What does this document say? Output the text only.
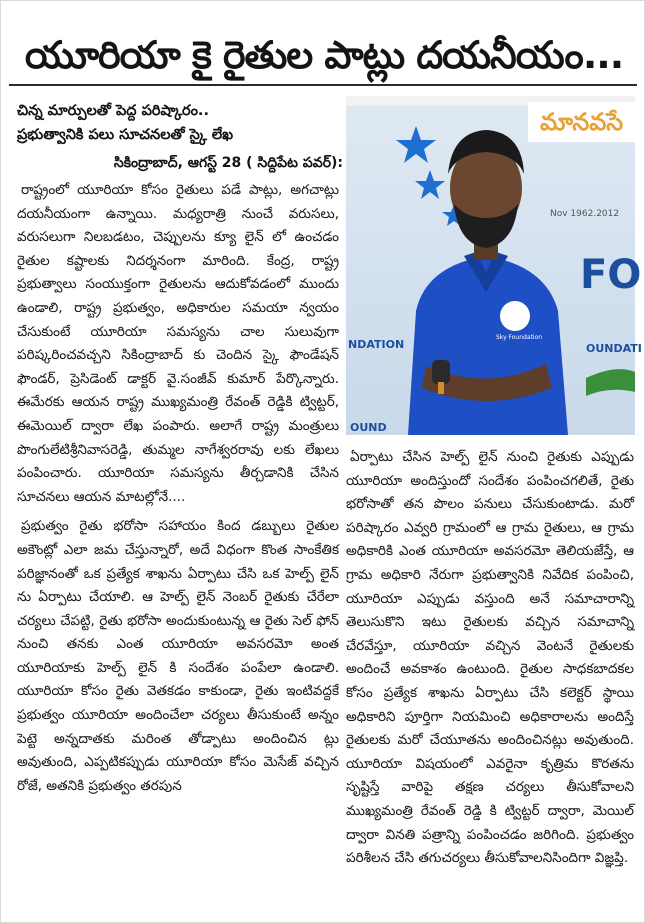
యూరియా కై రైతుల పాట్లు దయనీయం...
చిన్న మార్పులతో పెద్ద పరిష్కారం..
ప్రభుత్వానికి పలు సూచనలతో స్కై లేఖ
సికింద్రాబాద్, ఆగస్ట్ 28 ( సిద్దిపేట పవర్):

రాష్ట్రంలో యూరియా కోసం రైతులు పడే పాట్లు, అగచాట్లు దయనీయంగా ఉన్నాయి. మధ్యరాత్రి నుంచే వరుసలు, వరుసలుగా నిలబడటం, చెప్పులను క్యూ లైన్ లో ఉంచడం రైతుల కష్టాలకు నిదర్శనంగా మారింది. కేంద్ర, రాష్ట్ర ప్రభుత్వాలు సంయుక్తంగా రైతులను ఆదుకోవడంలో ముందు ఉండాలి, రాష్ట్ర ప్రభుత్వం, అధికారుల సమయా న్వయం చేసుకుంటే యూరియా సమస్యను చాల సులువుగా పరిష్కరించవచ్చని సికింద్రాబాద్ కు చెందిన స్కై ఫౌండేషన్ ఫౌండర్, ప్రెసిడెంట్ డాక్టర్ వై.సంజీవ్ కుమార్ పేర్కొన్నారు. ఈమేరకు ఆయన రాష్ట్ర ముఖ్యమంత్రి రేవంత్ రెడ్డికి ట్విట్టర్, ఈమెయిల్ ద్వారా లేఖ పంపారు. అలాగే రాష్ట్ర మంత్రులు పొంగులేటిశ్రీనివాసరెడ్డి, తుమ్మల నాగేశ్వరరావు లకు లేఖలు పంపించారు. యూరియా సమస్యను తీర్చడానికి చేసిన సూచనలు ఆయన మాటల్లోనే....

ప్రభుత్వం రైతు భరోసా సహాయం కింద డబ్బులు రైతుల అకౌంట్లో ఎలా జమ చేస్తున్నారో, అదే విధంగా కొంత సాంకేతిక పరిజ్ఞానంతో ఒక ప్రత్యేక శాఖను ఏర్పాటు చేసి ఒక హెల్ప్ లైన్ ను ఏర్పాటు చేయాలి. ఆ హెల్ప్ లైన్ నెంబర్ రైతుకు చేరేలా చర్యలు చేపట్టి, రైతు భరోసా అందుకుంటున్న ఆ రైతు సెల్ ఫోన్ నుంచి తనకు ఎంత యూరియా అవసరమో అంత యూరియాకు హెల్ప్ లైన్ కి సందేశం పంపేలా ఉండాలి. యూరియా కోసం రైతు వెతకడం కాకుండా, రైతు ఇంటివద్దకే ప్రభుత్వం యూరియా అందించేలా చర్యలు తీసుకుంటే అన్నం పెట్టె అన్నదాతకు మరింత తోడ్పాటు అందించిన ట్లు అవుతుంది, ఎప్పటికప్పుడు యూరియా కోసం మెసేజ్ వచ్చిన రోజే, అతనికి ప్రభుత్వం తరపున

మానవసే
Nov 1962.2012
FO
NDATION	OUNDATI
OUND
Sky Foundation

ఏర్పాటు చేసిన హెల్ప్ లైన్ నుంచి రైతుకు ఎప్పుడు యూరియా అందిస్తుందో సందేశం పంపించగలితే, రైతు భరోసాతో తన పొలం పనులు చేసుకుంటాడు. మరో పరిష్కారం ఎవ్వరి గ్రామంలో ఆ గ్రామ రైతులు, ఆ గ్రామ అధికారికి ఎంత యూరియా అవసరమో తెలియజేస్తే, ఆ గ్రామ అధికారి నేరుగా ప్రభుత్వానికి నివేదిక పంపించి, యూరియా ఎప్పుడు వస్తుంది అనే సమాచారాన్ని తెలుసుకొని ఇటు రైతులకు వచ్చిన సమాచాన్ని చేరవేస్తూ, యూరియా వచ్చిన వెంటనే రైతులకు అందించే అవకాశం ఉంటుంది. రైతుల సాధకబాదకల కోసం ప్రత్యేక శాఖను ఏర్పాటు చేసి కలెక్టర్ స్థాయి అధికారిని పూర్తిగా నియమించి అధికారాలను అందిస్తే రైతులకు మరో చేయూతను అందించినట్లు అవుతుంది. యూరియా విషయంలో ఎవరైనా కృత్రిమ కొరతను సృష్టిస్తే వారిపై తక్షణ చర్యలు తీసుకోవాలని ముఖ్యమంత్రి రేవంత్ రెడ్డి కి ట్విట్టర్ ద్వారా, మెయిల్ ద్వారా వినతి పత్రాన్ని పంపించడం జరిగింది. ప్రభుత్వం పరిశీలన చేసి తగుచర్యలు తీసుకోవాలనిసిందిగా విజ్ఞప్తి.
